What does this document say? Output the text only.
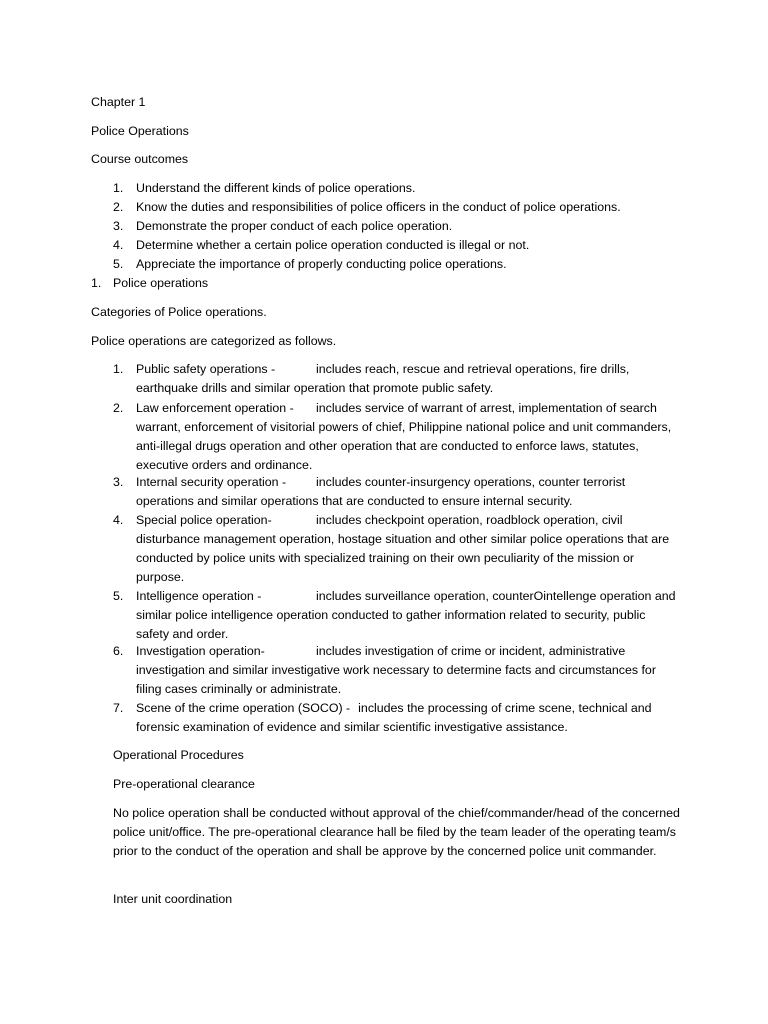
Chapter 1
Police Operations
Course outcomes
1.	Understand the different kinds of police operations.
2.	Know the duties and responsibilities of police officers in the conduct of police operations.
3.	Demonstrate the proper conduct of each police operation.
4.	Determine whether a certain police operation conducted is illegal or not.
5.	Appreciate the importance of properly conducting police operations.
1. Police operations
Categories of Police operations.
Police operations are categorized as follows.
1.	Public safety operations -	includes reach, rescue and retrieval operations, fire drills, earthquake drills and similar operation that promote public safety.
2.	Law enforcement operation - includes service of warrant of arrest, implementation of search warrant, enforcement of visitorial powers of chief, Philippine national police and unit commanders, anti-illegal drugs operation and other operation that are conducted to enforce laws, statutes, executive orders and ordinance.
3.	Internal security operation - includes counter-insurgency operations, counter terrorist operations and similar operations that are conducted to ensure internal security.
4.	Special police operation-	includes checkpoint operation, roadblock operation, civil disturbance management operation, hostage situation and other similar police operations that are conducted by police units with specialized training on their own peculiarity of the mission or purpose.
5.	Intelligence operation -	includes surveillance operation, counterOintellenge operation and similar police intelligence operation conducted to gather information related to security, public safety and order.
6.	Investigation operation-	includes investigation of crime or incident, administrative investigation and similar investigative work necessary to determine facts and circumstances for filing cases criminally or administrate.
7.	Scene of the crime operation (SOCO) - includes the processing of crime scene, technical and forensic examination of evidence and similar scientific investigative assistance.
Operational Procedures
Pre-operational clearance
No police operation shall be conducted without approval of the chief/commander/head of the concerned police unit/office. The pre-operational clearance hall be filed by the team leader of the operating team/s prior to the conduct of the operation and shall be approve by the concerned police unit commander.
Inter unit coordination
